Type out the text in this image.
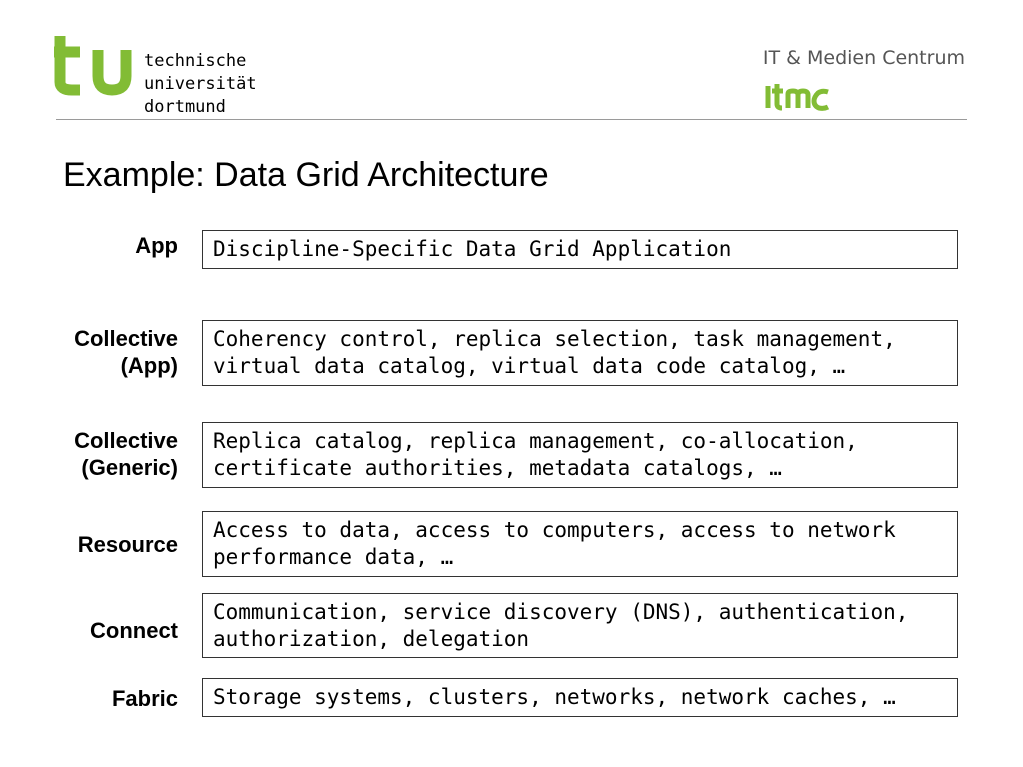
technische
universität
dortmund
IT & Medien Centrum
Example: Data Grid Architecture
App Discipline-Specific Data Grid Application
Collective
(App)
Coherency control, replica selection, task management, virtual data catalog, virtual data code catalog, …
Collective
(Generic)
Replica catalog, replica management, co-allocation, certificate authorities, metadata catalogs, …
Resource
Access to data, access to computers, access to network performance data, …
Connect
Communication, service discovery (DNS), authentication, authorization, delegation
Fabric Storage systems, clusters, networks, network caches, …
